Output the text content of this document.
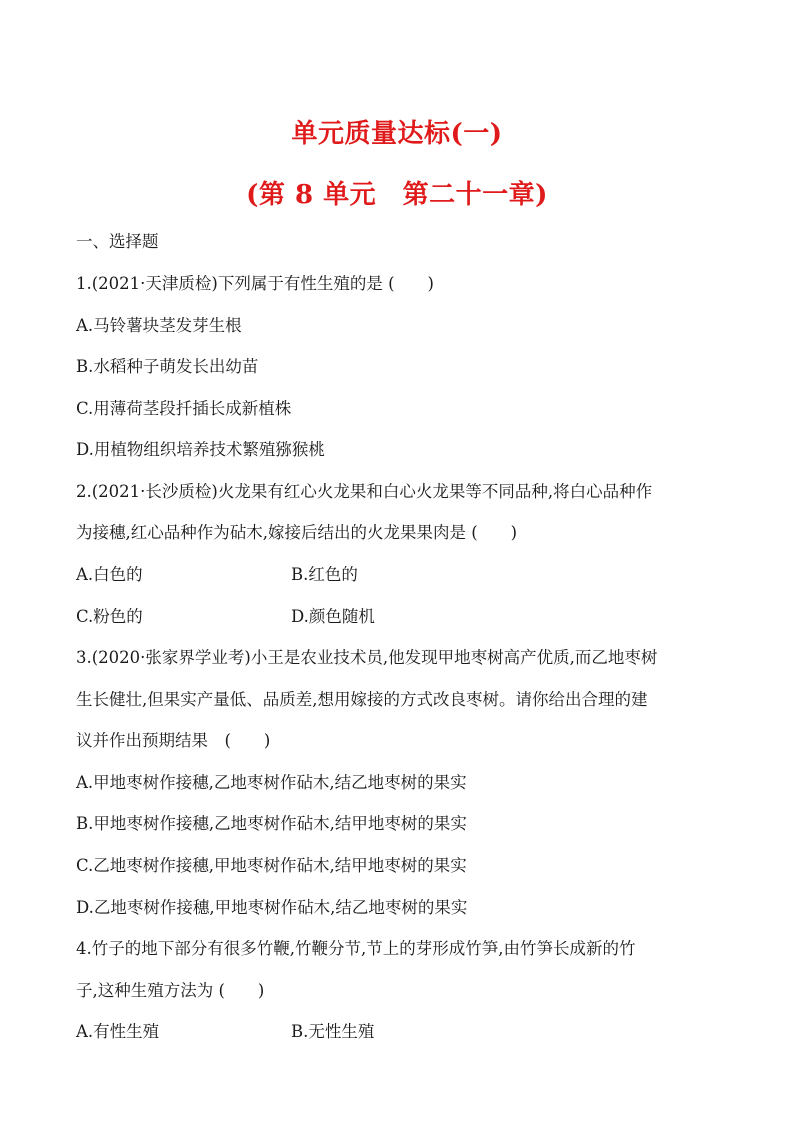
单元质量达标(一)
(第 8 单元　第二十一章)
一、选择题
1.(2021·天津质检)下列属于有性生殖的是 (　　)
A.马铃薯块茎发芽生根
B.水稻种子萌发长出幼苗
C.用薄荷茎段扦插长成新植株
D.用植物组织培养技术繁殖猕猴桃
2.(2021·长沙质检)火龙果有红心火龙果和白心火龙果等不同品种,将白心品种作
为接穗,红心品种作为砧木,嫁接后结出的火龙果果肉是 (　　)
A.白色的	B.红色的
C.粉色的	D.颜色随机
3.(2020·张家界学业考)小王是农业技术员,他发现甲地枣树高产优质,而乙地枣树
生长健壮,但果实产量低、品质差,想用嫁接的方式改良枣树。请你给出合理的建
议并作出预期结果　(　　)
A.甲地枣树作接穗,乙地枣树作砧木,结乙地枣树的果实
B.甲地枣树作接穗,乙地枣树作砧木,结甲地枣树的果实
C.乙地枣树作接穗,甲地枣树作砧木,结甲地枣树的果实
D.乙地枣树作接穗,甲地枣树作砧木,结乙地枣树的果实
4.竹子的地下部分有很多竹鞭,竹鞭分节,节上的芽形成竹笋,由竹笋长成新的竹
子,这种生殖方法为 (　　)
A.有性生殖	B.无性生殖
